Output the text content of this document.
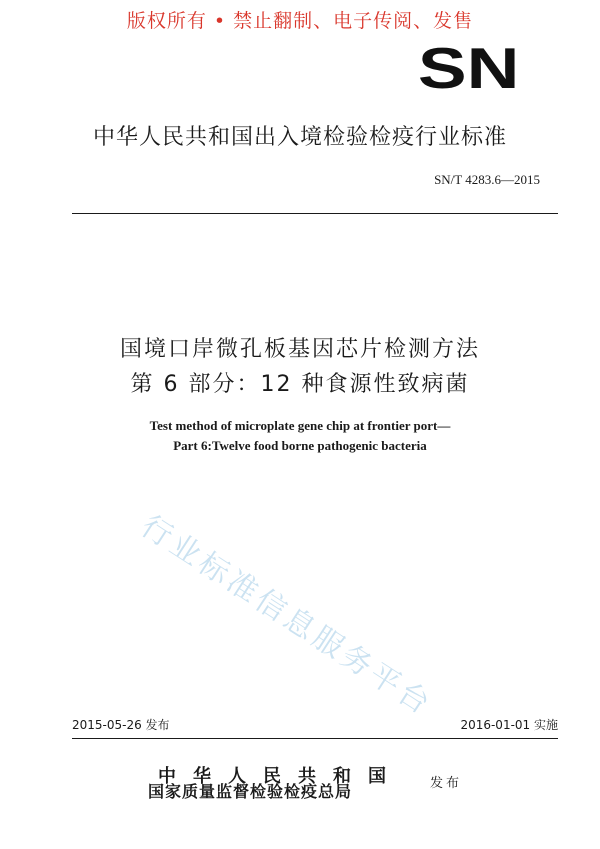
版权所有 • 禁止翻制、电子传阅、发售
SN
中华人民共和国出入境检验检疫行业标准
SN/T 4283.6—2015
国境口岸微孔板基因芯片检测方法
第 6 部分：12 种食源性致病菌
Test method of microplate gene chip at frontier port—
Part 6:Twelve food borne pathogenic bacteria
行业标准信息服务平台
2015-05-26 发布	2016-01-01 实施
中华人民共和国
国家质量监督检验检疫总局	发布
